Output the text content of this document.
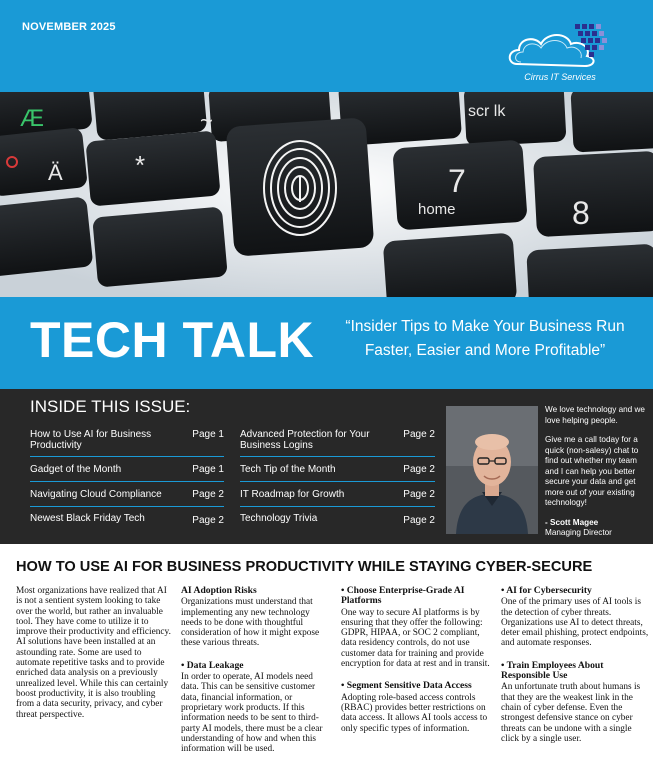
NOVEMBER 2025
Cirrus IT Services
Æ
Ä	*
~	scr lk
7
home	8
TECH TALK	“Insider Tips to Make Your Business Run Faster, Easier and More Profitable”
INSIDE THIS ISSUE:
How to Use AI for Business Productivity
Page 1
Gadget of the Month	Page 1
Navigating Cloud Compliance	Page 2
Newest Black Friday Tech	Page 2
Advanced Protection for Your Business Logins
Page 2
Tech Tip of the Month	Page 2
IT Roadmap for Growth	Page 2
Technology Trivia	Page 2

We love technology and we love helping people.

Give me a call today for a quick (non-salesy) chat to find out whether my team and I can help you better secure your data and get more out of your existing technology!

- Scott Magee

Managing Director

HOW TO USE AI FOR BUSINESS PRODUCTIVITY WHILE STAYING CYBER-SECURE

Most organizations have realized that AI is not a sentient system looking to take over the world, but rather an invaluable tool. They have come to utilize it to improve their productivity and efficiency. AI solutions have been installed at an astounding rate. Some are used to automate repetitive tasks and to provide enriched data analysis on a previously unrealized level. While this can certainly boost productivity, it is also troubling from a data security, privacy, and cyber threat perspective.

AI Adoption Risks

Organizations must understand that implementing any new technology needs to be done with thoughtful consideration of how it might expose these various threats.

• Data Leakage

In order to operate, AI models need data. This can be sensitive customer data, financial information, or proprietary work products. If this information needs to be sent to third-party AI models, there must be a clear understanding of how and when this information will be used.

• Choose Enterprise-Grade AI Platforms

One way to secure AI platforms is by ensuring that they offer the following: GDPR, HIPAA, or SOC 2 compliant, data residency controls, do not use customer data for training and provide encryption for data at rest and in transit.

• Segment Sensitive Data Access

Adopting role-based access controls (RBAC) provides better restrictions on data access. It allows AI tools access to only specific types of information.

• AI for Cybersecurity

One of the primary uses of AI tools is the detection of cyber threats. Organizations use AI to detect threats, deter email phishing, protect endpoints, and automate responses.

• Train Employees About Responsible Use

An unfortunate truth about humans is that they are the weakest link in the chain of cyber defense. Even the strongest defensive stance on cyber threats can be undone with a single click by a single user.
